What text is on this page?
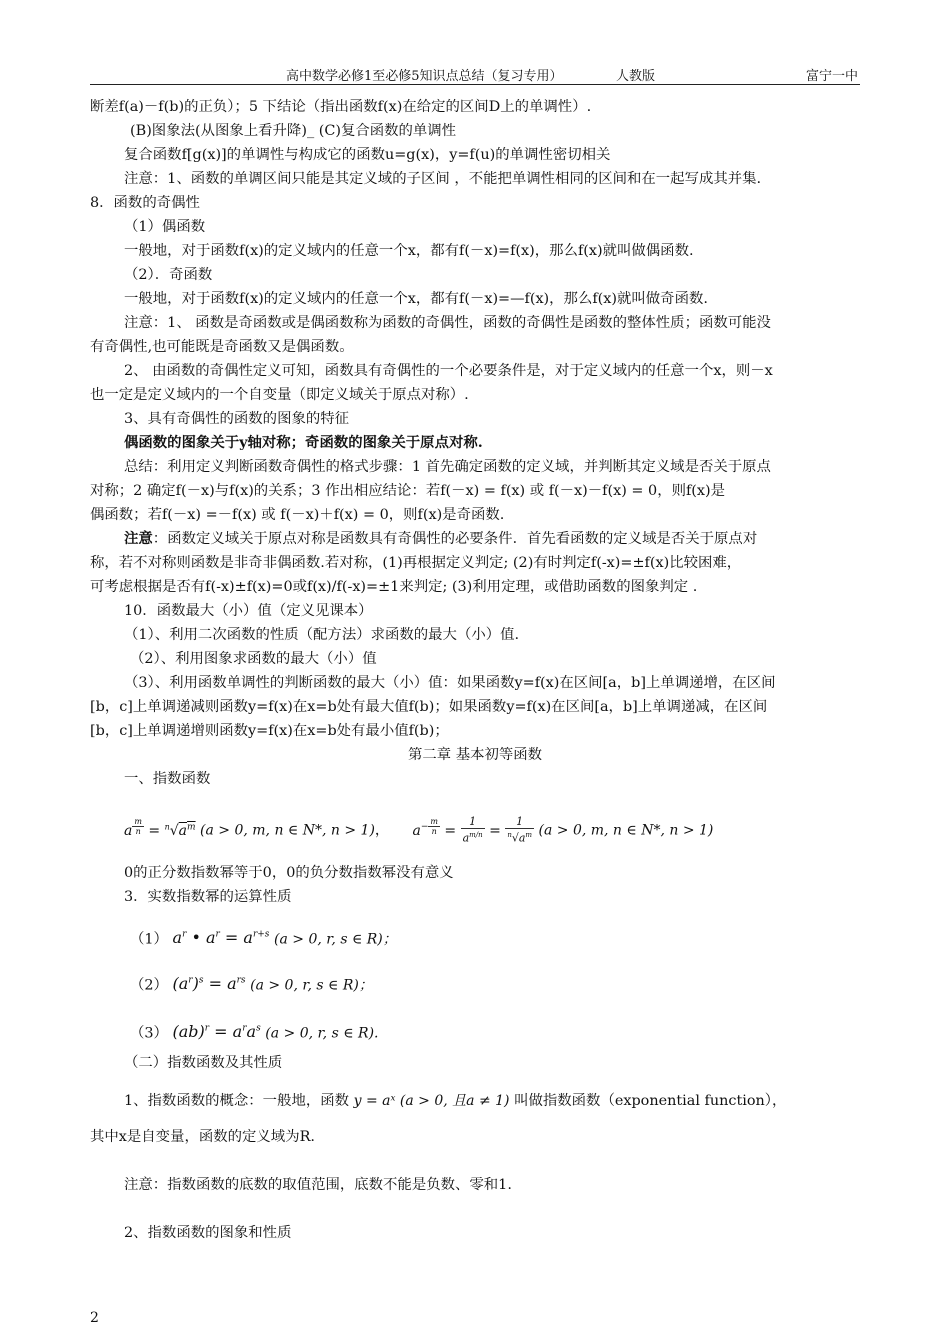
高中数学必修1至必修5知识点总结（复习专用）	人教版	富宁一中
断差f(a)－f(b)的正负）；5 下结论（指出函数f(x)在给定的区间D上的单调性）.
(B)图象法(从图象上看升降)_ (C)复合函数的单调性
复合函数f[g(x)]的单调性与构成它的函数u=g(x)，y=f(u)的单调性密切相关
注意：1、函数的单调区间只能是其定义域的子区间 ，不能把单调性相同的区间和在一起写成其并集.
8．函数的奇偶性
（1）偶函数
一般地，对于函数f(x)的定义域内的任意一个x，都有f(－x)=f(x)，那么f(x)就叫做偶函数.
（2）．奇函数
一般地，对于函数f(x)的定义域内的任意一个x，都有f(－x)=—f(x)，那么f(x)就叫做奇函数.
注意：1、 函数是奇函数或是偶函数称为函数的奇偶性，函数的奇偶性是函数的整体性质；函数可能没
有奇偶性,也可能既是奇函数又是偶函数。
2、 由函数的奇偶性定义可知，函数具有奇偶性的一个必要条件是，对于定义域内的任意一个x，则－x
也一定是定义域内的一个自变量（即定义域关于原点对称）.
3、具有奇偶性的函数的图象的特征
偶函数的图象关于y轴对称；奇函数的图象关于原点对称.
总结：利用定义判断函数奇偶性的格式步骤：1 首先确定函数的定义域，并判断其定义域是否关于原点
对称；2 确定f(－x)与f(x)的关系；3 作出相应结论：若f(－x) = f(x) 或 f(－x)－f(x) = 0，则f(x)是
偶函数；若f(－x) =－f(x) 或 f(－x)＋f(x) = 0，则f(x)是奇函数.
注意：函数定义域关于原点对称是函数具有奇偶性的必要条件．首先看函数的定义域是否关于原点对
称，若不对称则函数是非奇非偶函数.若对称，(1)再根据定义判定; (2)有时判定f(-x)=±f(x)比较困难，
可考虑根据是否有f(-x)±f(x)=0或f(x)/f(-x)=±1来判定; (3)利用定理，或借助函数的图象判定 .
10．函数最大（小）值（定义见课本）
（1）、利用二次函数的性质（配方法）求函数的最大（小）值.
（2）、利用图象求函数的最大（小）值
（3）、利用函数单调性的判断函数的最大（小）值：如果函数y=f(x)在区间[a，b]上单调递增，在区间
[b，c]上单调递减则函数y=f(x)在x=b处有最大值f(b)；如果函数y=f(x)在区间[a，b]上单调递减，在区间
[b，c]上单调递增则函数y=f(x)在x=b处有最小值f(b)；
第二章 基本初等函数
一、指数函数
a $^{\frac{m}{n}} = ^n√a^m$ (a > 0, m, n ∈ N*, n > 1)，  $a^{- \frac{m}{n}} = \frac{1}{a^{m/n}} = \frac{1}{^n√a^m} (a > 0$, m, n ∈ N*, n > 1)
0的正分数指数幂等于0，0的负分数指数幂没有意义
3．实数指数幂的运算性质
（1） $a^r$ • $a^r = a^{r+s}$ (a > 0, r, s ∈ R)；
（2） $(a^r)^s = a^{rs}$ (a > 0, r, s ∈ R)；
（3） $(ab)^r = a^ra^s$ (a > 0, r, s ∈ R).
（二）指数函数及其性质
1、指数函数的概念：一般地，函数 y = aˣ (a > 0, 且a ≠ 1) 叫做指数函数（exponential function），
其中x是自变量，函数的定义域为R.
注意：指数函数的底数的取值范围，底数不能是负数、零和1.
2、指数函数的图象和性质
2
